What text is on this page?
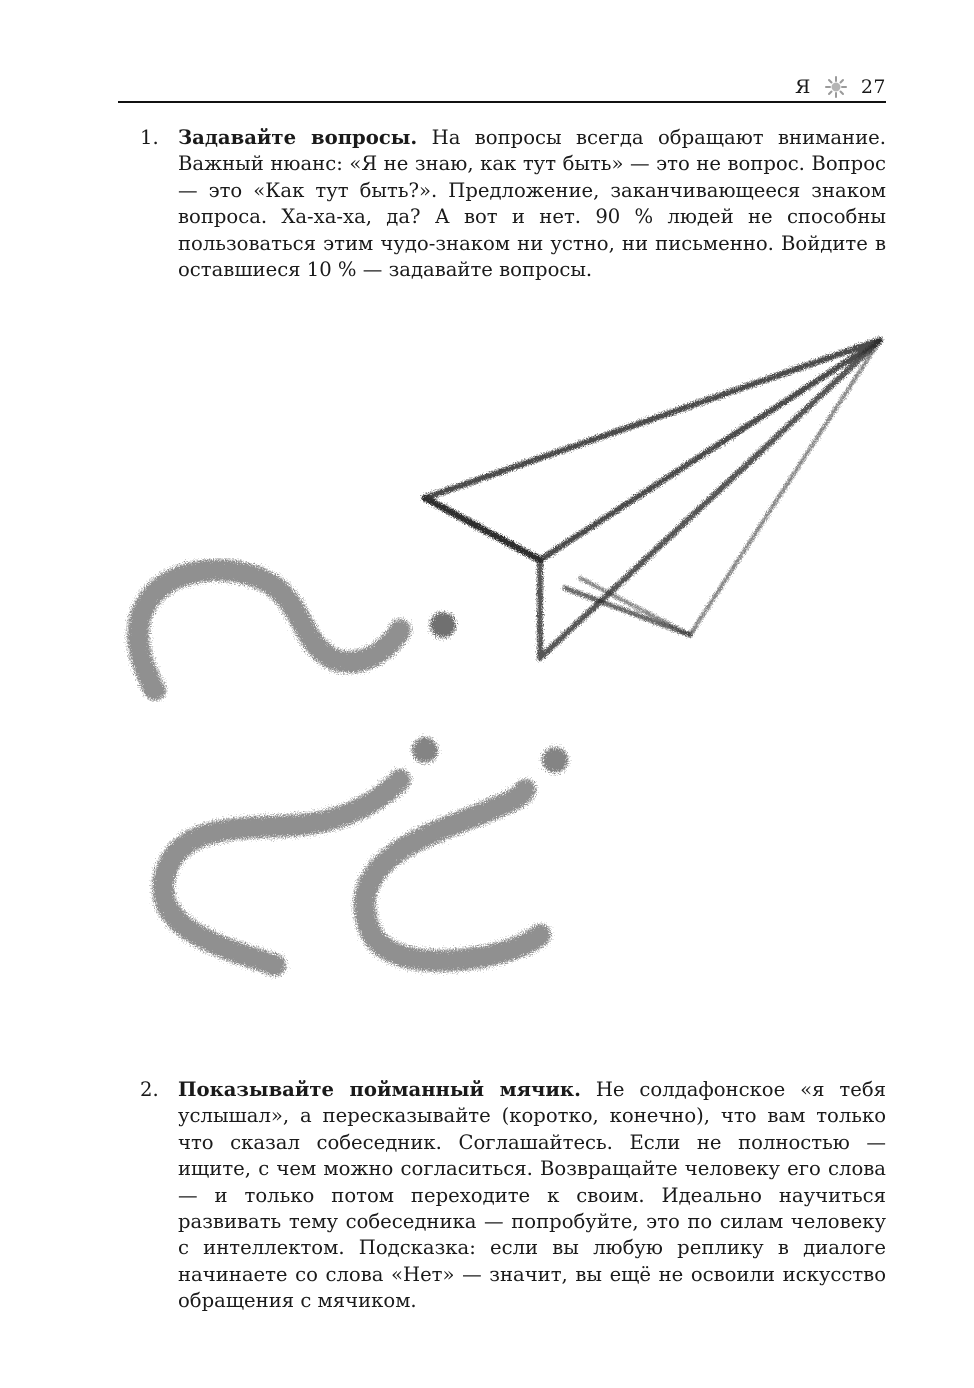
Я	27
1. Задавайте вопросы. На вопросы всегда обращают внимание. Важный нюанс: «Я не знаю, как тут быть» — это не вопрос. Вопрос — это «Как тут быть?». Предложение, заканчивающееся знаком вопроса. Ха-ха-ха, да? А вот и нет. 90 % людей не способны пользоваться этим чудо-знаком ни устно, ни письменно. Войдите в оставшиеся 10 % — задавайте вопросы.
2. Показывайте пойманный мячик. Не солдафонское «я тебя услышал», а пересказывайте (коротко, конечно), что вам только что сказал собеседник. Соглашайтесь. Если не полностью — ищите, с чем можно согласиться. Возвращайте человеку его слова — и только потом переходите к своим. Идеально научиться развивать тему собеседника — попробуйте, это по силам человеку с интеллектом. Подсказка: если вы любую реплику в диалоге начинаете со слова «Нет» — значит, вы ещё не освоили искусство обращения с мячиком.
